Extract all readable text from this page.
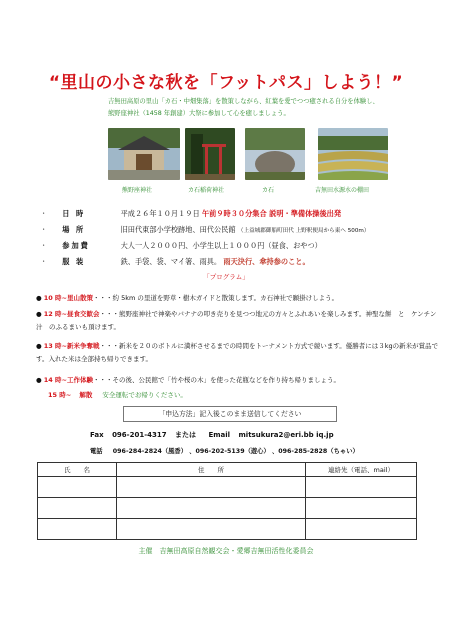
“里山の小さな秋を「フットパス」しよう！”
吉無田高原の里山「カ石・中畑集落」を散策しながら、紅葉を愛でつつ癒される自分を体験し、
熊野座神社（1458 年創建）大祭に参加して心を癒しましょう。
熊野座神社	カ石稲荷神社	カ石	吉無田水源水の棚田
・ 日 時	平成２６年１０月１９日 午前９時３０分集合 説明・準備体操後出発
・ 場 所	旧田代東部小学校跡地、田代公民館 （上益城郡御船町田代 上野釈便局から東へ 500m）
・ 参加費	大人一人２０００円、小学生以上１０００円（昼食、おやつ）
・ 服 装	鉄、手袋、袋、マイ箸、雨具。 雨天決行、傘持参のこと。
「プログラム」
● 10 時~里山散策・・・約 5km の里道を野草・樹木ガイドと散策します。カ石神社で願掛けしよう。
● 12 時~昼食交歓会・・・熊野座神社で神楽やバナナの叩き売りを見つつ地元の方々とふれあいを楽しみます。神聖な餅　と　ケンチン汁　のふるまいも頂けます。
● 13 時~新米争奪戦・・・新米を２０のボトルに満杯させるまでの時間をトーナメント方式で競います。優勝者には３kgの新米が賞品です。入れた米は全部持ち帰りできます。
● 14 時~工作体験・・・その後、公民館で「竹や桜の木」を使った花瓶などを作り持ち帰りましょう。
15 時~ 解散 安全運転でお帰りください。
「申込方法」記入後このまま送信してください
Fax 096-201-4317 または Email mitsukura2@eri.bb iq.jp
電話 096-284-2824（風香） 、096-202-5139（遊心） 、096-285-2828（ちゃい）
氏　　名	住　　所	連絡先（電話、mail）

主催　吉無田高原自然観交会・愛郷吉無田活性化委員会
